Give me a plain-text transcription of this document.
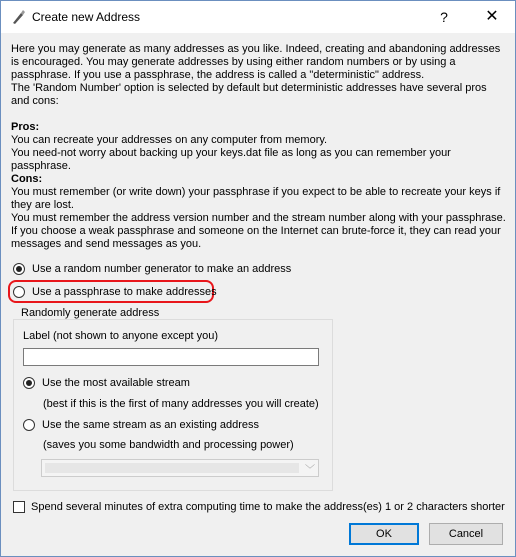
Create new Address	?	✕

Here you may generate as many addresses as you like. Indeed, creating and abandoning addresses is encouraged. You may generate addresses by using either random numbers or by using a passphrase. If you use a passphrase, the address is called a "deterministic" address.

The 'Random Number' option is selected by default but deterministic addresses have several pros and cons:

Pros:

You can recreate your addresses on any computer from memory.

You need-not worry about backing up your keys.dat file as long as you can remember your passphrase.

Cons:

You must remember (or write down) your passphrase if you expect to be able to recreate your keys if they are lost.

You must remember the address version number and the stream number along with your passphrase.

If you choose a weak passphrase and someone on the Internet can brute-force it, they can read your messages and send messages as you.

Use a random number generator to make an address
Use a passphrase to make addresses
Randomly generate address
Label (not shown to anyone except you)
Use the most available stream
(best if this is the first of many addresses you will create)
Use the same stream as an existing address
(saves you some bandwidth and processing power)
﹀
Spend several minutes of extra computing time to make the address(es) 1 or 2 characters shorter
OK	Cancel
